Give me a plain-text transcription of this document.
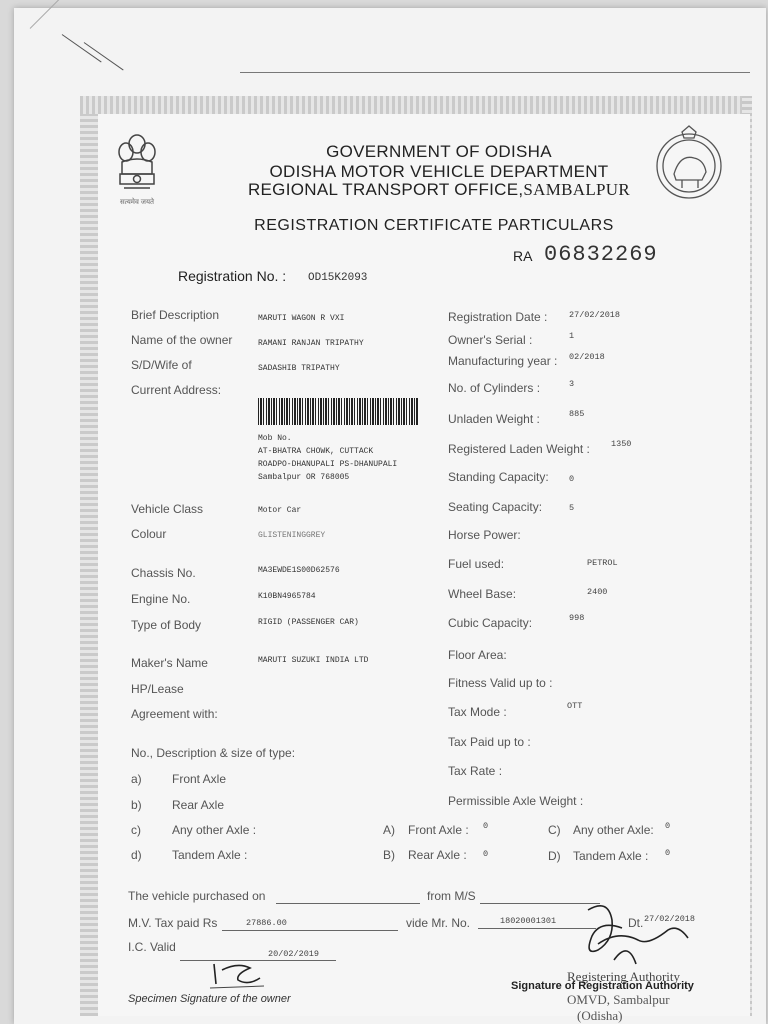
सत्यमेव जयते
GOVERNMENT OF ODISHA
ODISHA MOTOR VEHICLE DEPARTMENT
REGIONAL TRANSPORT OFFICE,SAMBALPUR
REGISTRATION CERTIFICATE PARTICULARS
RA 06832269
Registration No. : OD15K2093
Brief Description	MARUTI WAGON R VXI
Name of the owner	RAMANI RANJAN TRIPATHY
S/D/Wife of	SADASHIB TRIPATHY
Current Address:
Mob No.
AT-BHATRA CHOWK, CUTTACK
ROADPO-DHANUPALI PS-DHANUPALI
Sambalpur OR 768005
Vehicle Class	Motor Car
Colour	GLISTENINGGREY
Chassis No.	MA3EWDE1S00D62576
Engine No.	K10BN4965784
Type of Body	RIGID (PASSENGER CAR)
Maker's Name	MARUTI SUZUKI INDIA LTD
HP/Lease
Agreement with:
Registration Date :	27/02/2018
Owner's Serial :	1
Manufacturing year : 02/2018
No. of Cylinders :	3
Unladen Weight :	885
Registered Laden Weight : 1350
Standing Capacity: 0
Seating Capacity:	5
Horse Power:
Fuel used:	PETROL
Wheel Base:	2400
Cubic Capacity:	998
Floor Area:
Fitness Valid up to :
Tax Mode :	OTT
Tax Paid up to :
Tax Rate :
Permissible Axle Weight :
No., Description & size of type:
a)	Front Axle
b)	Rear Axle
c)	Any other Axle :
d)	Tandem Axle :
A) Front Axle : 0
B) Rear Axle : 0
C) Any other Axle: 0
D) Tandem Axle : 0
The vehicle purchased on	from M/S
M.V. Tax paid Rs	27886.00	vide Mr. No.	18020001301	Dt. 27/02/2018
I.C. Valid	20/02/2019
Specimen Signature of the owner
Registering Authority
Signature of Registration Authority
OMVD, Sambalpur
(Odisha)
